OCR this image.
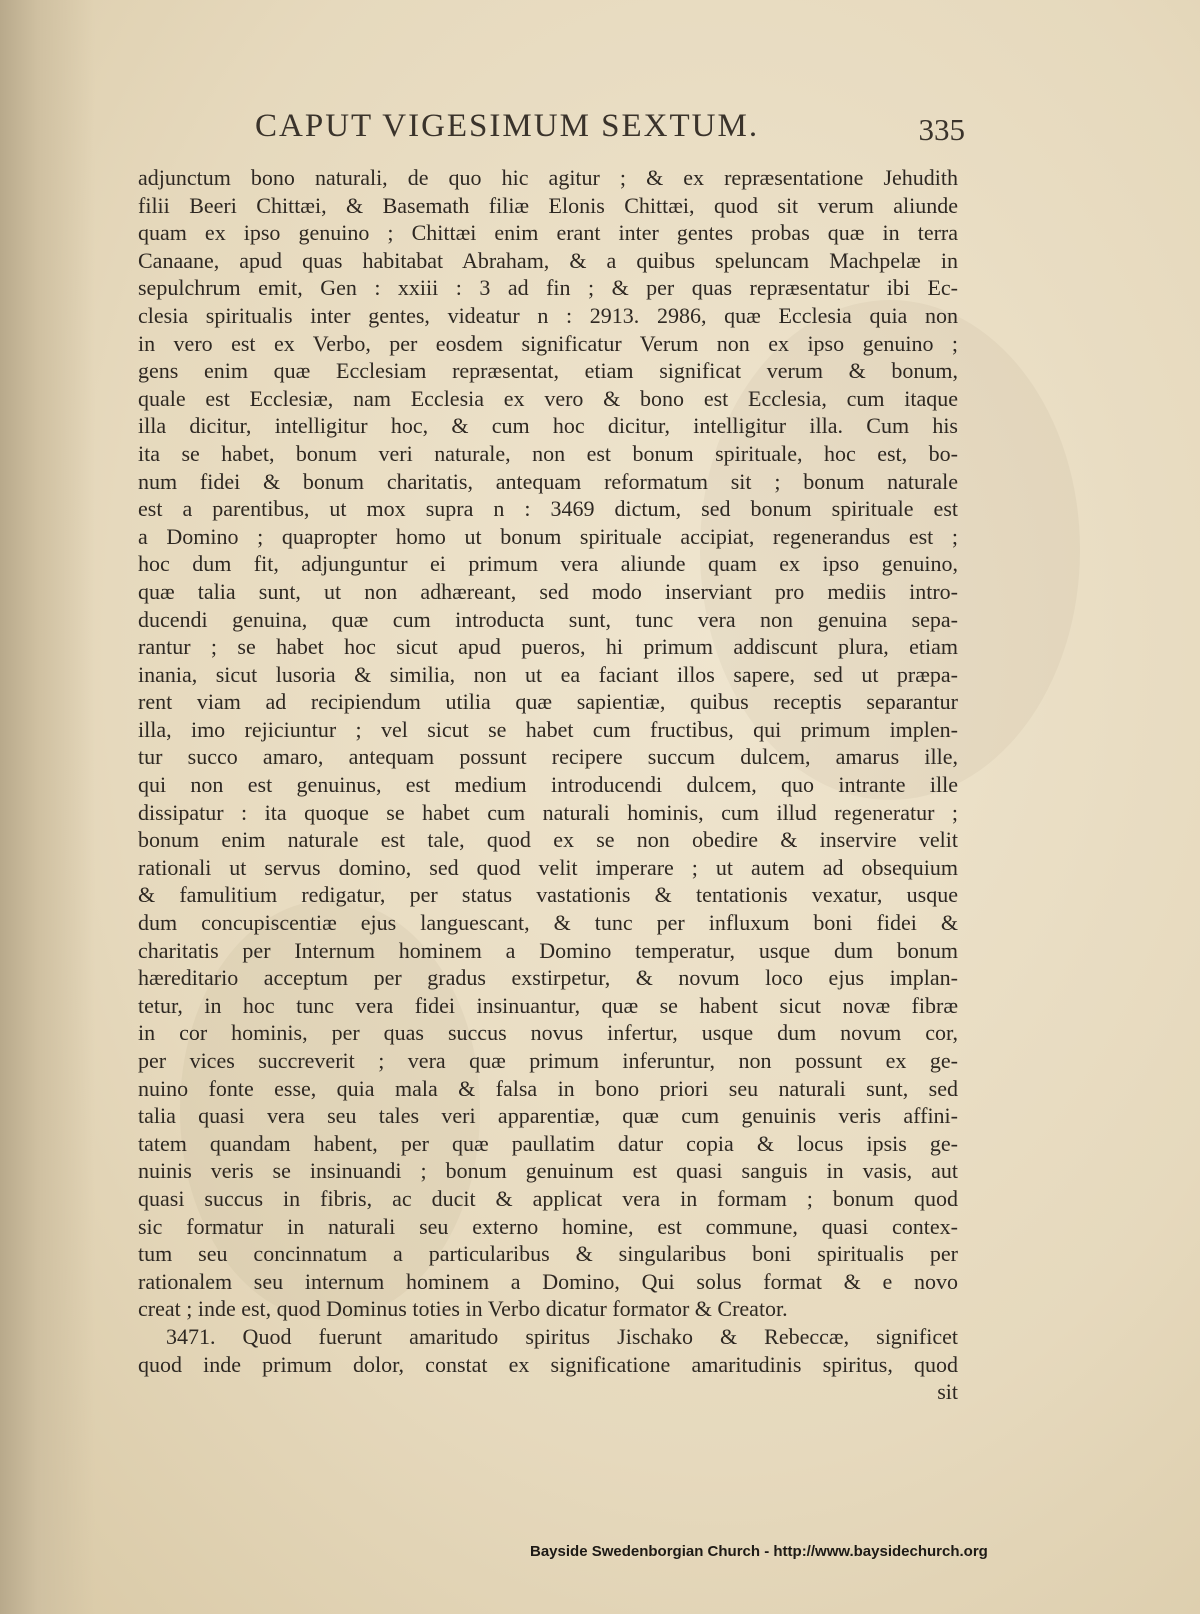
CAPUT VIGESIMUM SEXTUM.	335
adjunctum bono naturali, de quo hic agitur ; & ex repræsentatione Jehudith
filii Beeri Chittæi, & Basemath filiæ Elonis Chittæi, quod sit verum aliunde
quam ex ipso genuino ; Chittæi enim erant inter gentes probas quæ in terra
Canaane, apud quas habitabat Abraham, & a quibus speluncam Machpelæ in
sepulchrum emit, Gen : xxiii : 3 ad fin ; & per quas repræsentatur ibi Ec-
clesia spiritualis inter gentes, videatur n : 2913. 2986, quæ Ecclesia quia non
in vero est ex Verbo, per eosdem significatur Verum non ex ipso genuino ;
gens enim quæ Ecclesiam repræsentat, etiam significat verum & bonum,
quale est Ecclesiæ, nam Ecclesia ex vero & bono est Ecclesia, cum itaque
illa dicitur, intelligitur hoc, & cum hoc dicitur, intelligitur illa. Cum his
ita se habet, bonum veri naturale, non est bonum spirituale, hoc est, bo-
num fidei & bonum charitatis, antequam reformatum sit ; bonum naturale
est a parentibus, ut mox supra n : 3469 dictum, sed bonum spirituale est
a Domino ; quapropter homo ut bonum spirituale accipiat, regenerandus est ;
hoc dum fit, adjunguntur ei primum vera aliunde quam ex ipso genuino,
quæ talia sunt, ut non adhæreant, sed modo inserviant pro mediis intro-
ducendi genuina, quæ cum introducta sunt, tunc vera non genuina sepa-
rantur ; se habet hoc sicut apud pueros, hi primum addiscunt plura, etiam
inania, sicut lusoria & similia, non ut ea faciant illos sapere, sed ut præpa-
rent viam ad recipiendum utilia quæ sapientiæ, quibus receptis separantur
illa, imo rejiciuntur ; vel sicut se habet cum fructibus, qui primum implen-
tur succo amaro, antequam possunt recipere succum dulcem, amarus ille,
qui non est genuinus, est medium introducendi dulcem, quo intrante ille
dissipatur : ita quoque se habet cum naturali hominis, cum illud regeneratur ;
bonum enim naturale est tale, quod ex se non obedire & inservire velit
rationali ut servus domino, sed quod velit imperare ; ut autem ad obsequium
& famulitium redigatur, per status vastationis & tentationis vexatur, usque
dum concupiscentiæ ejus languescant, & tunc per influxum boni fidei &
charitatis per Internum hominem a Domino temperatur, usque dum bonum
hæreditario acceptum per gradus exstirpetur, & novum loco ejus implan-
tetur, in hoc tunc vera fidei insinuantur, quæ se habent sicut novæ fibræ
in cor hominis, per quas succus novus infertur, usque dum novum cor,
per vices succreverit ; vera quæ primum inferuntur, non possunt ex ge-
nuino fonte esse, quia mala & falsa in bono priori seu naturali sunt, sed
talia quasi vera seu tales veri apparentiæ, quæ cum genuinis veris affini-
tatem quandam habent, per quæ paullatim datur copia & locus ipsis ge-
nuinis veris se insinuandi ; bonum genuinum est quasi sanguis in vasis, aut
quasi succus in fibris, ac ducit & applicat vera in formam ; bonum quod
sic formatur in naturali seu externo homine, est commune, quasi contex-
tum seu concinnatum a particularibus & singularibus boni spiritualis per
rationalem seu internum hominem a Domino, Qui solus format & e novo
creat ; inde est, quod Dominus toties in Verbo dicatur formator & Creator.
3471. Quod fuerunt amaritudo spiritus Jischako & Rebeccæ, significet
quod inde primum dolor, constat ex significatione amaritudinis spiritus, quod
sit
Bayside Swedenborgian Church - http://www.baysidechurch.org
